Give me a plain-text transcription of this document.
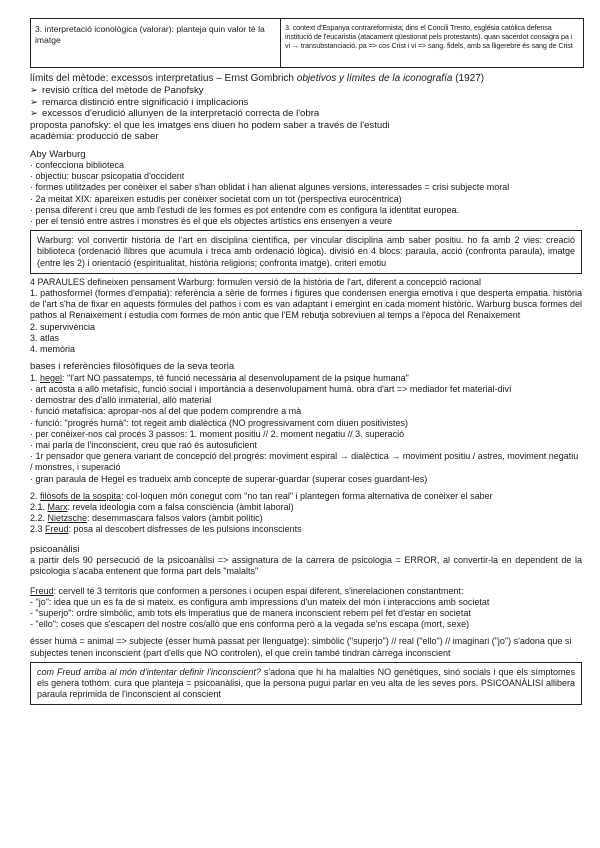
3. interpretació iconològica (valorar): planteja quin valor té la imatge
3. context d'Espanya contrareformista; dins el Concili Trento, església catòlica defensa institució de l'eucaristia (atacament qüestionat pels protestants). quan sacerdot consagra pa i vi → transubstanciació. pa => cos Crist i vi => sang. fidels, amb sa lligerebre és sang de Crist
límits del mètode: excessos interpretatius – Ernst Gombrich objetivos y límites de la iconografía (1927)
➢ revisió crítica del mètode de Panofsky
➢ remarca distinció entre significació i implicacions
➢ excessos d'erudició allunyen de la interpretació correcta de l'obra
proposta panofsky: el que les imatges ens diuen ho podem saber a través de l'estudi
acadèmia: producció de saber
Aby Warburg
· confecciona biblioteca
· objectiu: buscar psicopatia d'occident
· formes utilitzades per conèixer el saber s'han oblidat i han alienat algunes versions, interessades = crisi subjecte moral
· 2a meitat XIX: apareixen estudis per conèixer societat com un tot (perspectiva eurocèntrica)
· pensa diferent i creu que amb l'estudi de les formes es pot entendre com es configura la identitat europea.
· per el tensió entre astres i monstres és el que els objectes artístics ens ensenyen a veure

Warburg: vol convertir història de l'art en disciplina científica, per vincular disciplina amb saber positiu. ho fa amb 2 vies: creació biblioteca (ordenació llibres que acumula i treca amb ordenació lògica). divisió en 4 blocs: paraula, acció (confronta paraula), imatge (entre les 2) i orientació (espiritualitat, història religions; confronta imatge). criteri emotiu

4 PARAULES defineixen pensament Warburg: formulen versió de la història de l'art, diferent a concepció racional
1. pathosformel (formes d'empatia): referència a sèrie de formes i figures que condensen energia emotiva i que desperta empatia. història de l'art s'ha de fixar en aquests fórmules del pathos i com es van adaptant i emergint en cada moment històric. Warburg busca formes del pathos al Renaixement i estudia com formes de món antic que l'EM rebutja sobreviuen al temps a l'època del Renaixement
2. supervivència
3. atlas
4. memòria
bases i referències filosòfiques de la seva teoria
1. hegel: "l'art NO passatemps, té funció necessària al desenvolupament de la psique humana"
· art acosta a allò metafísic, funció social i importància a desenvolupament humà. obra d'art => mediador fet material-diví
· demostrar des d'allò inmaterial, allò material
· funció metafísica: apropar-nos al del que podem comprendre a mà
· funció: "progrés humà": tot regeit amb dialèctica (NO progressivament com diuen positivistes)
· per conèixer-nos cal procés 3 passos: 1. moment positiu // 2. moment negatiu // 3. superació
· mai parla de l'inconscient, creu que raó és autosuficient
· 1r pensador que genera variant de concepció del progrés: moviment espiral → dialèctica → moviment positiu / astres, moviment negatiu / monstres, i superació
· gran paraula de Hegel es tradueix amb concepte de superar-guardar (superar coses guardant-les)
2. filòsofs de la sospita: col·loquen món conegut com "no tan real" i plantegen forma alternativa de conèixer el saber
2.1. Marx: revela ideologia com a falsa consciència (àmbit laboral)
2.2. Nietzsche: desemmascara falsos valors (àmbit polític)
2.3 Freud: posa al descobert disfresses de les pulsions inconscients
psicoanàlisi
a partir dels 90 persecució de la psicoanàlisi => assignatura de la carrera de psicologia = ERROR, al convertir-la en dependent de la psicologia s'acaba entenent que forma part dels "malalts"
Freud: cervell té 3 territoris que conformen a persones i ocupen espai diferent, s'inerelacionen constantment:
- "jo": idea que un es fa de si mateix. es configura amb impressions d'un mateix del món i interaccions amb societat
- "superjo": ordre simbòlic, amb tots els imperatius que de manera inconscient rebem pel fet d'estar en societat
- "ello": coses que s'escapen del nostre cos/allò que ens conforma però a la vegada se'ns escapa (mort, sexe)
ésser humà = animal => subjecte (ésser humà passat per llenguatge): simbòlic ("superjo") // real ("ello") // imaginari ("jo") s'adona que si subjectes tenen inconscient (part d'ells que NO controlen), el que creïn també tindran càrrega inconscient

com Freud arriba al món d'intentar definir l'inconscient? s'adona que hi ha malalties NO genètiques, sinó socials i que els símptomes els genera tothom. cura que planteja = psicoanàlisi, que la persona pugui parlar en veu alta de les seves pors. PSICOANÀLISI allibera paraula reprimida de l'inconscient al conscient
